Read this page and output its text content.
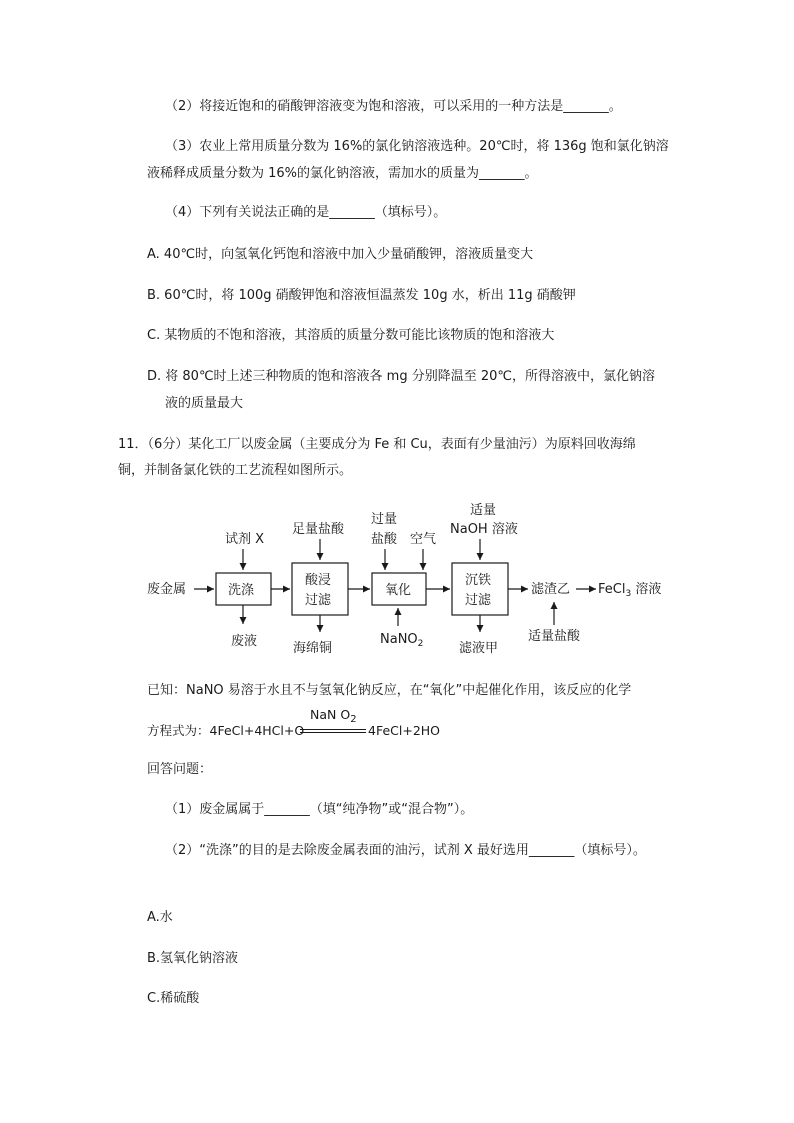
（2）将接近饱和的硝酸钾溶液变为饱和溶液，可以采用的一种方法是_______。
（3）农业上常用质量分数为 16%的氯化钠溶液选种。20℃时，将 136g 饱和氯化钠溶
液稀释成质量分数为 16%的氯化钠溶液，需加水的质量为_______。
（4）下列有关说法正确的是_______（填标号）。
A. 40℃时，向氢氧化钙饱和溶液中加入少量硝酸钾，溶液质量变大
B. 60℃时，将 100g 硝酸钾饱和溶液恒温蒸发 10g 水，析出 11g 硝酸钾
C. 某物质的不饱和溶液，其溶质的质量分数可能比该物质的饱和溶液大
D. 将 80℃时上述三种物质的饱和溶液各 mg 分别降温至 20℃，所得溶液中，氯化钠溶
液的质量最大
11．（6分）某化工厂以废金属（主要成分为 Fe 和 Cu，表面有少量油污）为原料回收海绵
铜，并制备氯化铁的工艺流程如图所示。
废金属	洗涤
试剂 X
废液
酸浸
过滤
足量盐酸
海绵铜
氧化
过量
盐酸 空气
NaNO$_2$
沉铁
过滤
适量
NaOH 溶液
滤液甲
滤渣乙
适量盐酸
FeCl$_3$ 溶液
已知：NaNO 易溶于水且不与氢氧化钠反应，在“氧化”中起催化作用，该反应的化学
方程式为：4FeCl+4HCl+O
NaN $O_2$
4FeCl+2HO
回答问题：
（1）废金属属于_______（填“纯净物”或“混合物”）。
（2）“洗涤”的目的是去除废金属表面的油污，试剂 X 最好选用_______（填标号）。
A.水
B.氢氧化钠溶液
C.稀硫酸
